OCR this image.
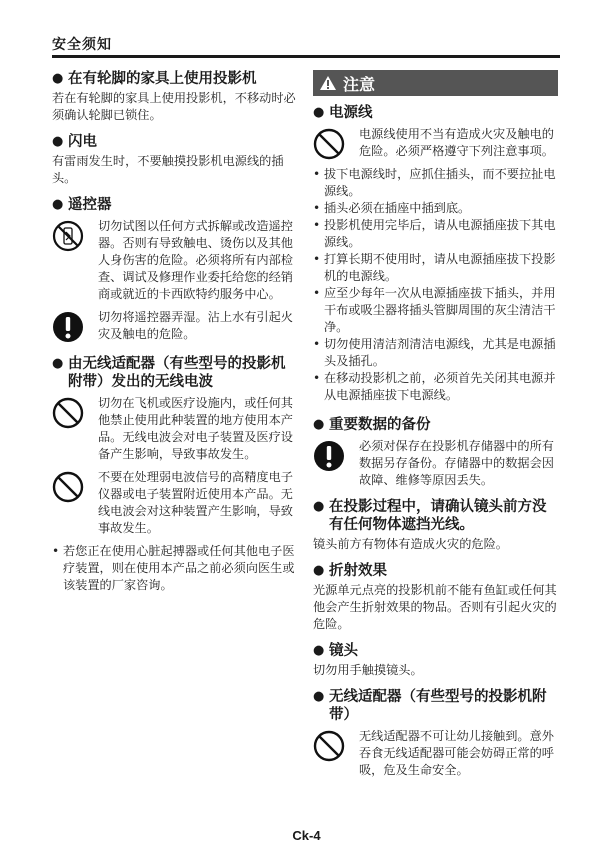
安全须知
● 在有轮脚的家具上使用投影机

若在有轮脚的家具上使用投影机，不移动时必须确认轮脚已锁住。

● 闪电

有雷雨发生时，不要触摸投影机电源线的插头。

● 遥控器

切勿试图以任何方式拆解或改造遥控器。否则有导致触电、烫伤以及其他人身伤害的危险。必须将所有内部检查、调试及修理作业委托给您的经销商或就近的卡西欧特约服务中心。

切勿将遥控器弄湿。沾上水有引起火灾及触电的危险。

● 由无线适配器（有些型号的投影机附带）发出的无线电波

切勿在飞机或医疗设施内，或任何其他禁止使用此种装置的地方使用本产品。无线电波会对电子装置及医疗设备产生影响，导致事故发生。

不要在处理弱电波信号的高精度电子仪器或电子装置附近使用本产品。无线电波会对这种装置产生影响，导致事故发生。

• 若您正在使用心脏起搏器或任何其他电子医疗装置，则在使用本产品之前必须向医生或该装置的厂家咨询。
注意
● 电源线

电源线使用不当有造成火灾及触电的危险。必须严格遵守下列注意事项。

• 拔下电源线时，应抓住插头，而不要拉扯电源线。
• 插头必须在插座中插到底。
• 投影机使用完毕后，请从电源插座拔下其电源线。
• 打算长期不使用时，请从电源插座拔下投影机的电源线。
• 应至少每年一次从电源插座拔下插头，并用干布或吸尘器将插头管脚周围的灰尘清洁干净。
• 切勿使用清洁剂清洁电源线，尤其是电源插头及插孔。
• 在移动投影机之前，必须首先关闭其电源并从电源插座拔下电源线。
● 重要数据的备份

必须对保存在投影机存储器中的所有数据另存备份。存储器中的数据会因故障、维修等原因丢失。

● 在投影过程中，请确认镜头前方没有任何物体遮挡光线。

镜头前方有物体有造成火灾的危险。

● 折射效果

光源单元点亮的投影机前不能有鱼缸或任何其他会产生折射效果的物品。否则有引起火灾的危险。

● 镜头

切勿用手触摸镜头。

● 无线适配器（有些型号的投影机附带）

无线适配器不可让幼儿接触到。意外吞食无线适配器可能会妨碍正常的呼吸，危及生命安全。

Ck-4
